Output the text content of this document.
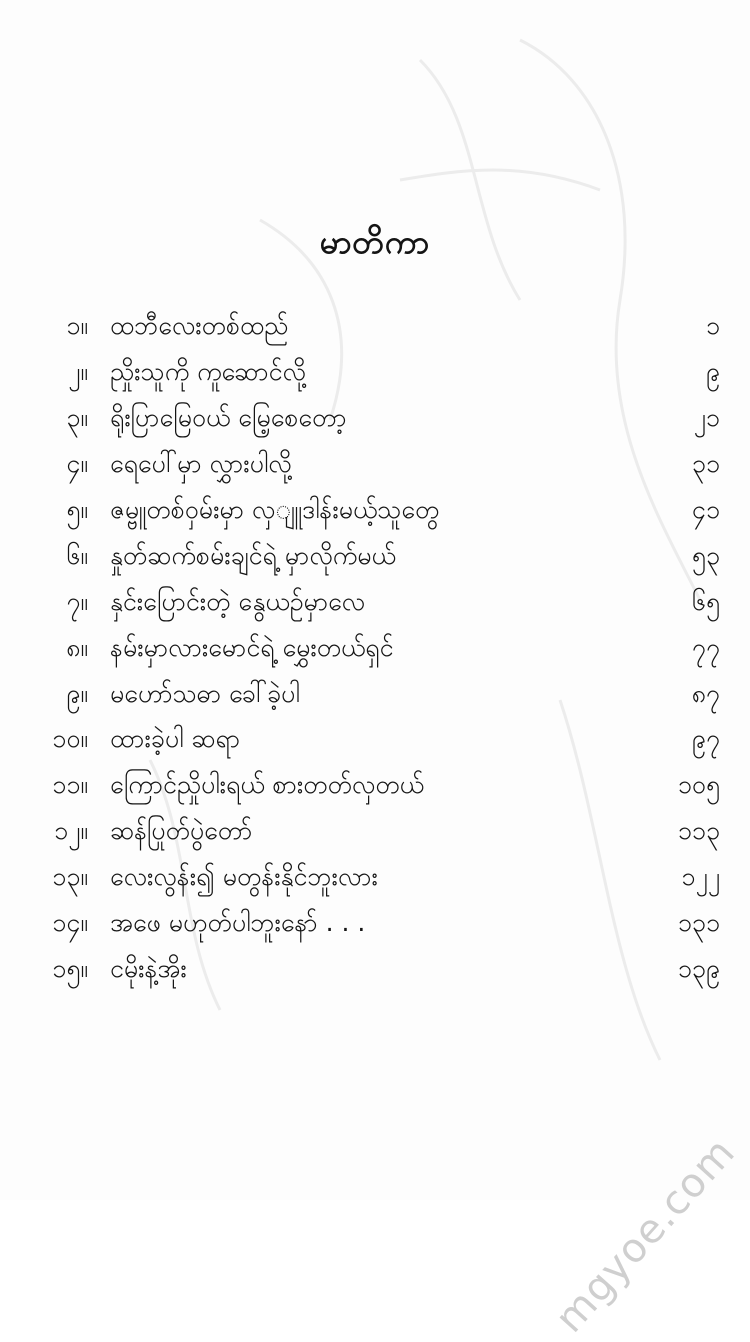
မာတိကာ
၁။ ထဘီလေးတစ်ထည်	၁
၂။ ညှိုးသူကို ကူဆောင်လို့	၉
၃။ ရိုးပြာမြေဝယ် မြေ့စေတော့	၂၁
၄။ ရေပေါ်မှာ လွှားပါလို့	၃၁
၅။ ဇမ္ဗူတစ်ဝှမ်းမှာ လှျူဒါန်းမယ့်သူတွေ	၄၁
၆။ နှုတ်ဆက်စမ်းချင်ရဲ့ မှာလိုက်မယ်	၅၃
၇။ နှင်းပြောင်းတဲ့ နွေယဉ်မှာလေ	၆၅
၈။ နမ်းမှာလားမောင်ရဲ့ မွှေးတယ်ရှင်	၇၇
၉။ မဟော်သဓာ ခေါ်ခဲ့ပါ	၈၇
၁၀။ ထားခဲ့ပါ ဆရာ	၉၇
၁၁။ ကြောင်ညှိုပါးရယ် စားတတ်လှတယ်	၁၀၅
၁၂။ ဆန်ပြုတ်ပွဲတော်	၁၁၃
၁၃။ လေးလွန်း၍ မတွန်းနိုင်ဘူးလား	၁၂၂
၁၄။ အဖေ မဟုတ်ပါဘူးနော် . . .	၁၃၁
၁၅။ ငမိုးနဲ့အိုး	၁၃၉
mgyoe.com
